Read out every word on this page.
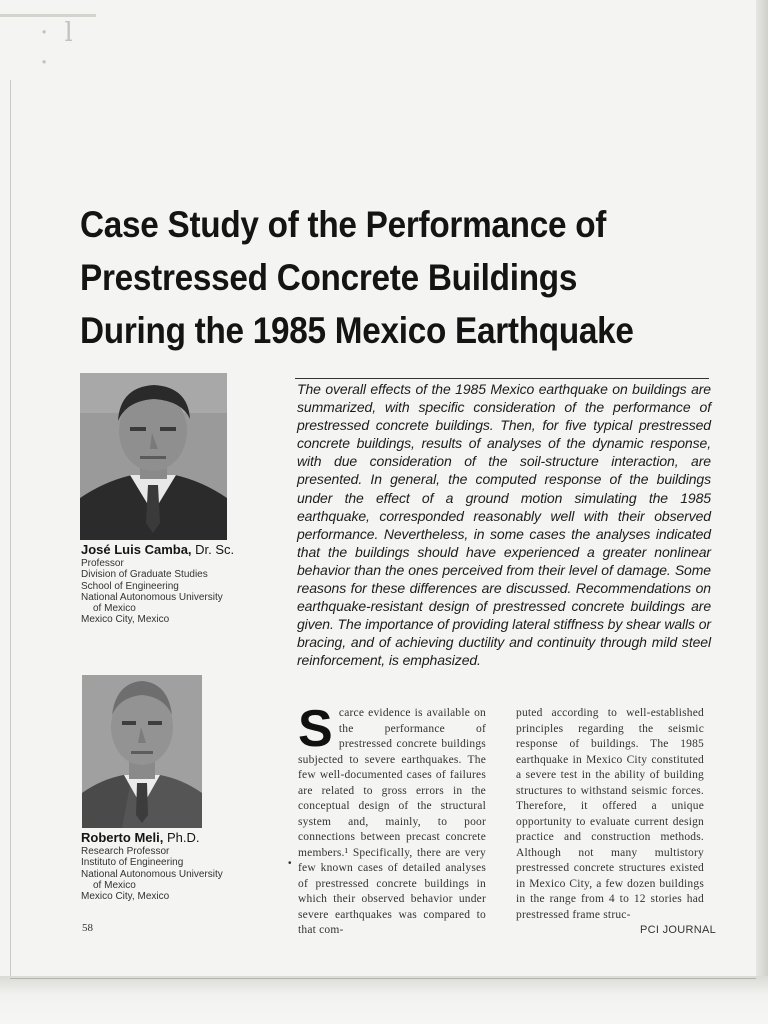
· l ·
Case Study of the Performance of
Prestressed Concrete Buildings
During the 1985 Mexico Earthquake

The overall effects of the 1985 Mexico earthquake on buildings are summarized, with specific consideration of the performance of prestressed concrete buildings. Then, for five typical prestressed concrete buildings, results of analyses of the dynamic response, with due consideration of the soil-structure interaction, are presented. In general, the computed response of the buildings under the effect of a ground motion simulating the 1985 earthquake, corresponded reasonably well with their observed performance. Nevertheless, in some cases the analyses indicated that the buildings should have experienced a greater nonlinear behavior than the ones perceived from their level of damage. Some reasons for these differences are discussed. Recommendations on earthquake-resistant design of prestressed concrete buildings are given. The importance of providing lateral stiffness by shear walls or bracing, and of achieving ductility and continuity through mild steel reinforcement, is emphasized.

José Luis Camba, Dr. Sc.
Professor
Division of Graduate Studies
School of Engineering
National Autonomous University
of Mexico
Mexico City, Mexico
Roberto Meli, Ph.D.
Research Professor
Instituto of Engineering
National Autonomous University
of Mexico
Mexico City, Mexico

Scarce evidence is available on the performance of prestressed concrete buildings subjected to severe earthquakes. The few well-documented cases of failures are related to gross errors in the conceptual design of the structural system and, mainly, to poor connections between precast concrete members.¹ Specifically, there are very few known cases of detailed analyses of prestressed concrete buildings in which their observed behavior under severe earthquakes was compared to that com-

puted according to well-established principles regarding the seismic response of buildings. The 1985 earthquake in Mexico City constituted a severe test in the ability of building structures to withstand seismic forces. Therefore, it offered a unique opportunity to evaluate current design practice and construction methods. Although not many multistory prestressed concrete structures existed in Mexico City, a few dozen buildings in the range from 4 to 12 stories had prestressed frame struc-

•
58	PCI JOURNAL
